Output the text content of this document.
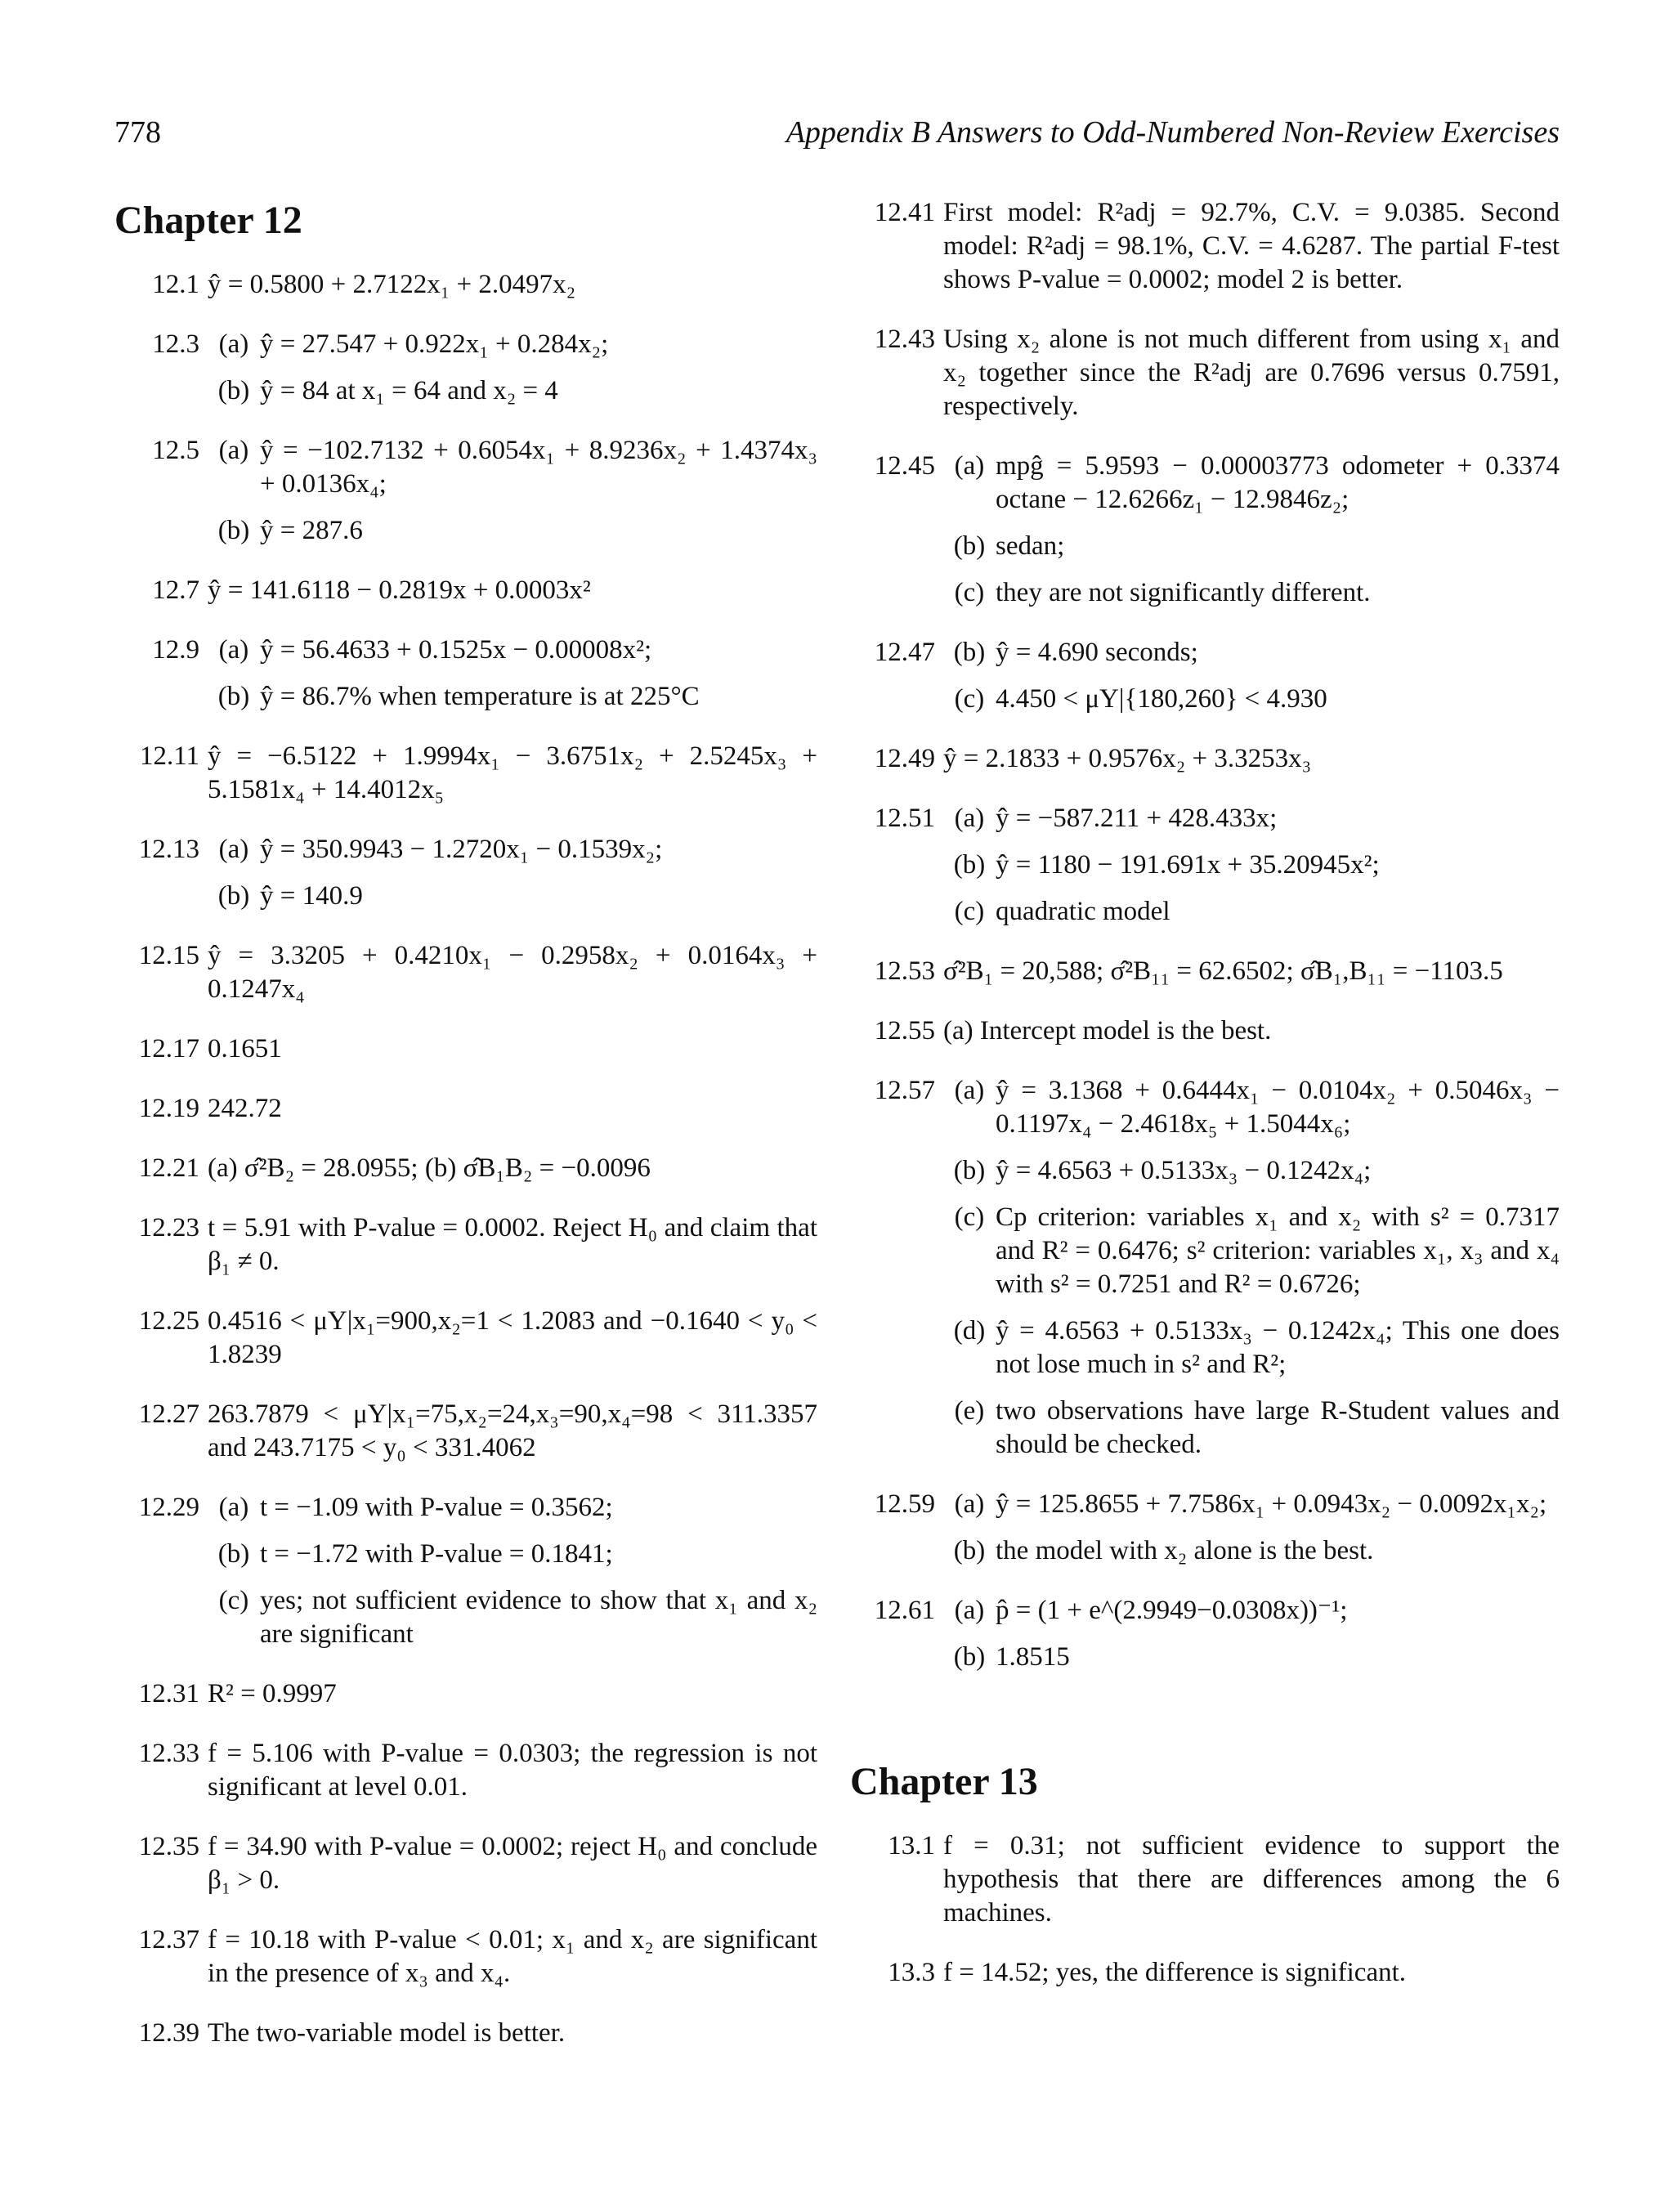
778	Appendix B Answers to Odd-Numbered Non-Review Exercises
Chapter 12
12.1 ŷ = 0.5800 + 2.7122x₁ + 2.0497x₂
12.3 (a) ŷ = 27.547 + 0.922x₁ + 0.284x₂;
(b) ŷ = 84 at x₁ = 64 and x₂ = 4
12.5 (a) ŷ = −102.7132 + 0.6054x₁ + 8.9236x₂ + 1.4374x₃ + 0.0136x₄;
(b) ŷ = 287.6
12.7 ŷ = 141.6118 − 0.2819x + 0.0003x²
12.9 (a) ŷ = 56.4633 + 0.1525x − 0.00008x²;
(b) ŷ = 86.7% when temperature is at 225°C
12.11 ŷ = −6.5122 + 1.9994x₁ − 3.6751x₂ + 2.5245x₃ + 5.1581x₄ + 14.4012x₅
12.13 (a) ŷ = 350.9943 − 1.2720x₁ − 0.1539x₂;
(b) ŷ = 140.9
12.15 ŷ = 3.3205 + 0.4210x₁ − 0.2958x₂ + 0.0164x₃ + 0.1247x₄
12.17 0.1651
12.19 242.72
12.21 (a) σ̂²B₂ = 28.0955; (b) σ̂B₁B₂ = −0.0096
12.23 t = 5.91 with P-value = 0.0002. Reject H₀ and claim that β₁ ≠ 0.
12.25 0.4516 < μY|x₁=900,x₂=1 < 1.2083 and −0.1640 < y₀ < 1.8239
12.27 263.7879 < μY|x₁=75,x₂=24,x₃=90,x₄=98 < 311.3357 and 243.7175 < y₀ < 331.4062
12.29 (a) t = −1.09 with P-value = 0.3562;
(b) t = −1.72 with P-value = 0.1841;
(c) yes; not sufficient evidence to show that x₁ and x₂ are significant
12.31 R² = 0.9997
12.33 f = 5.106 with P-value = 0.0303; the regression is not significant at level 0.01.
12.35 f = 34.90 with P-value = 0.0002; reject H₀ and conclude β₁ > 0.
12.37 f = 10.18 with P-value < 0.01; x₁ and x₂ are significant in the presence of x₃ and x₄.
12.39 The two-variable model is better.
12.41 First model: R²adj = 92.7%, C.V. = 9.0385. Second model: R²adj = 98.1%, C.V. = 4.6287. The partial F-test shows P-value = 0.0002; model 2 is better.
12.43 Using x₂ alone is not much different from using x₁ and x₂ together since the R²adj are 0.7696 versus 0.7591, respectively.
12.45 (a) mpĝ = 5.9593 − 0.00003773 odometer + 0.3374 octane − 12.6266z₁ − 12.9846z₂;
(b) sedan;
(c) they are not significantly different.
12.47 (b) ŷ = 4.690 seconds;
(c) 4.450 < μY|{180,260} < 4.930
12.49 ŷ = 2.1833 + 0.9576x₂ + 3.3253x₃
12.51 (a) ŷ = −587.211 + 428.433x;
(b) ŷ = 1180 − 191.691x + 35.20945x²;
(c) quadratic model
12.53 σ̂²B₁ = 20,588; σ̂²B₁₁ = 62.6502; σ̂B₁,B₁₁ = −1103.5
12.55 (a) Intercept model is the best.
12.57 (a) ŷ = 3.1368 + 0.6444x₁ − 0.0104x₂ + 0.5046x₃ − 0.1197x₄ − 2.4618x₅ + 1.5044x₆;
(b) ŷ = 4.6563 + 0.5133x₃ − 0.1242x₄;
(c) Cp criterion: variables x₁ and x₂ with s² = 0.7317 and R² = 0.6476; s² criterion: variables x₁, x₃ and x₄ with s² = 0.7251 and R² = 0.6726;
(d) ŷ = 4.6563 + 0.5133x₃ − 0.1242x₄; This one does not lose much in s² and R²;
(e) two observations have large R-Student values and should be checked.
12.59 (a) ŷ = 125.8655 + 7.7586x₁ + 0.0943x₂ − 0.0092x₁x₂;
(b) the model with x₂ alone is the best.
12.61 (a) p̂ = (1 + e^(2.9949−0.0308x))⁻¹;
(b) 1.8515
Chapter 13
13.1 f = 0.31; not sufficient evidence to support the hypothesis that there are differences among the 6 machines.
13.3 f = 14.52; yes, the difference is significant.
